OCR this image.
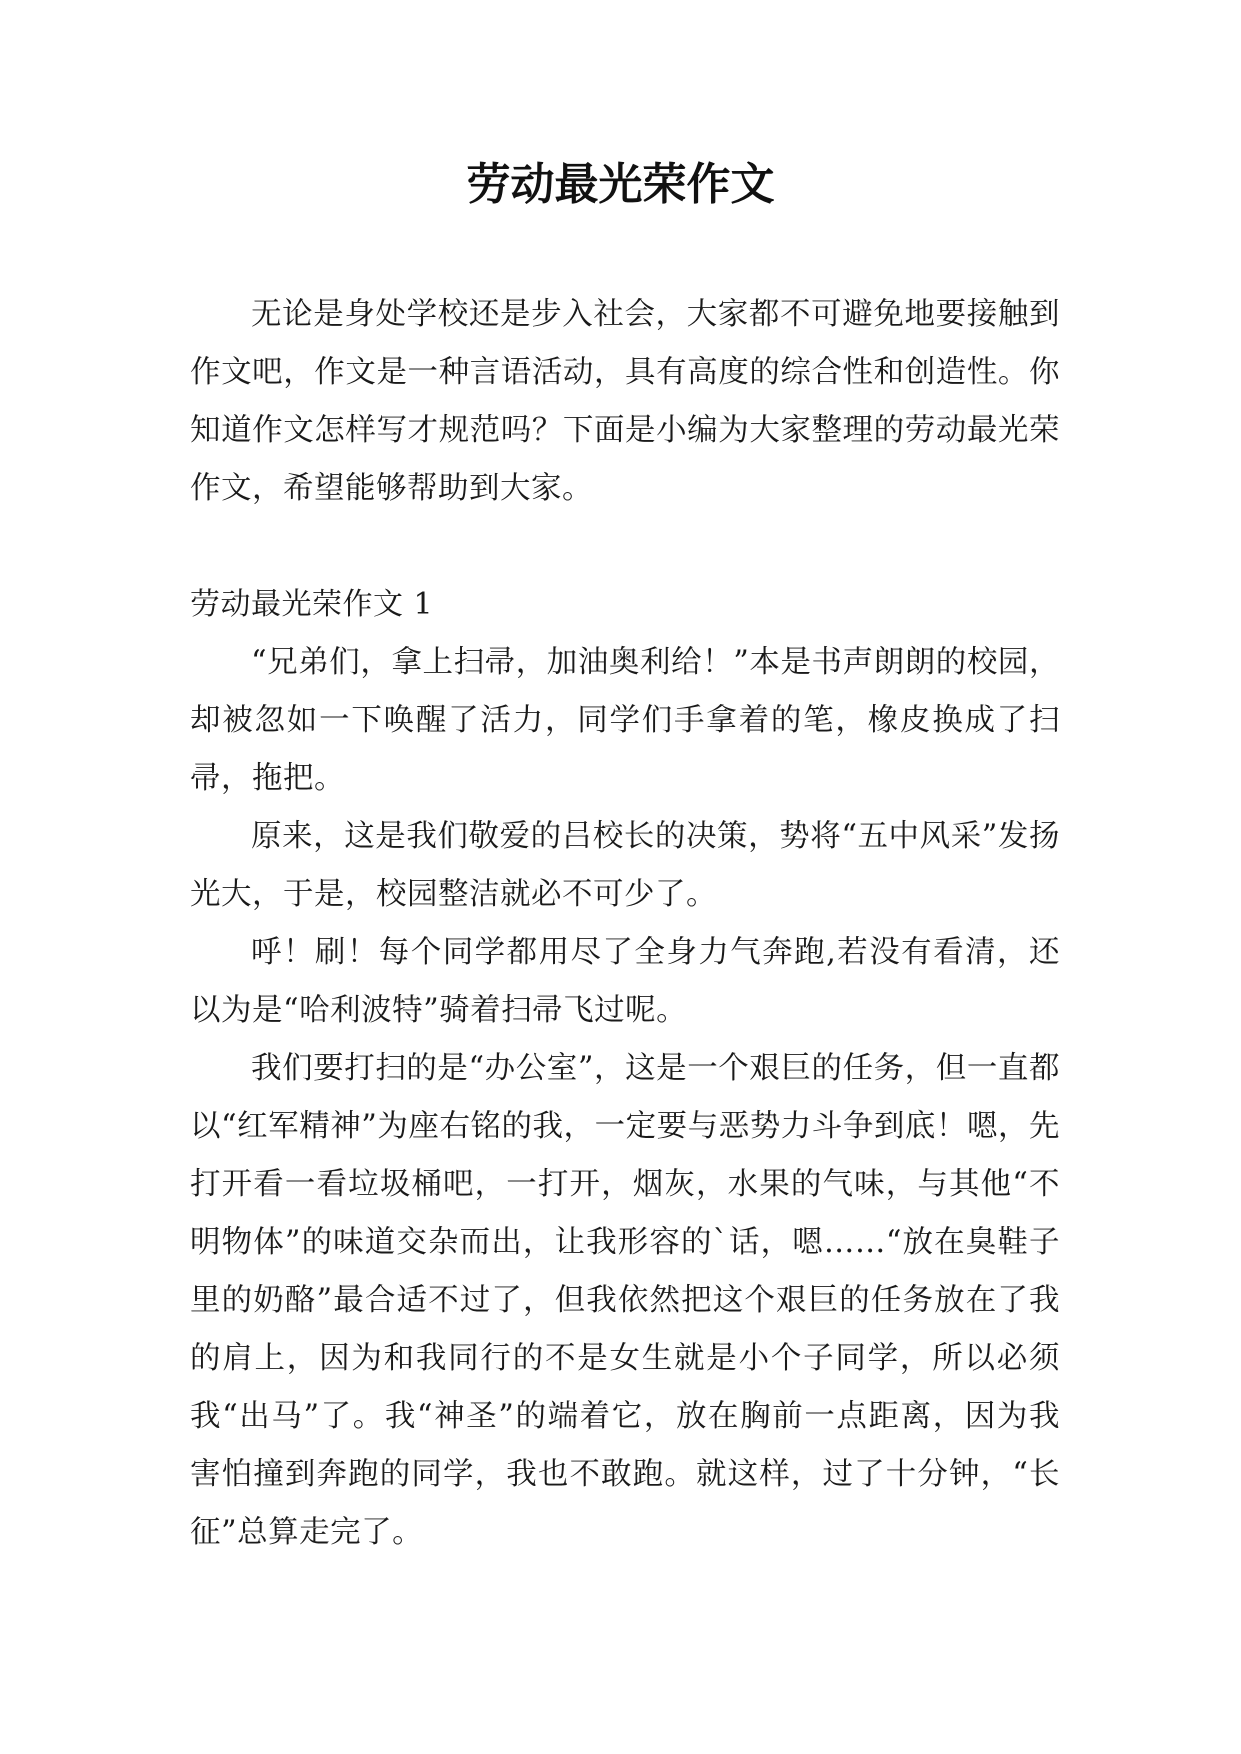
劳动最光荣作文

无论是身处学校还是步入社会，大家都不可避免地要接触到作文吧，作文是一种言语活动，具有高度的综合性和创造性。你知道作文怎样写才规范吗？下面是小编为大家整理的劳动最光荣作文，希望能够帮助到大家。

劳动最光荣作文 1

“兄弟们，拿上扫帚，加油奥利给！”本是书声朗朗的校园，却被忽如一下唤醒了活力，同学们手拿着的笔，橡皮换成了扫帚，拖把。

原来，这是我们敬爱的吕校长的决策，势将“五中风采”发扬光大，于是，校园整洁就必不可少了。

呼！刷！每个同学都用尽了全身力气奔跑,若没有看清，还以为是“哈利波特”骑着扫帚飞过呢。

我们要打扫的是“办公室”，这是一个艰巨的任务，但一直都以“红军精神”为座右铭的我，一定要与恶势力斗争到底！嗯，先打开看一看垃圾桶吧，一打开，烟灰，水果的气味，与其他“不明物体”的味道交杂而出，让我形容的`话，嗯……“放在臭鞋子里的奶酪”最合适不过了，但我依然把这个艰巨的任务放在了我的肩上，因为和我同行的不是女生就是小个子同学，所以必须我“出马”了。我“神圣”的端着它，放在胸前一点距离，因为我害怕撞到奔跑的同学，我也不敢跑。就这样，过了十分钟，“长征”总算走完了。
